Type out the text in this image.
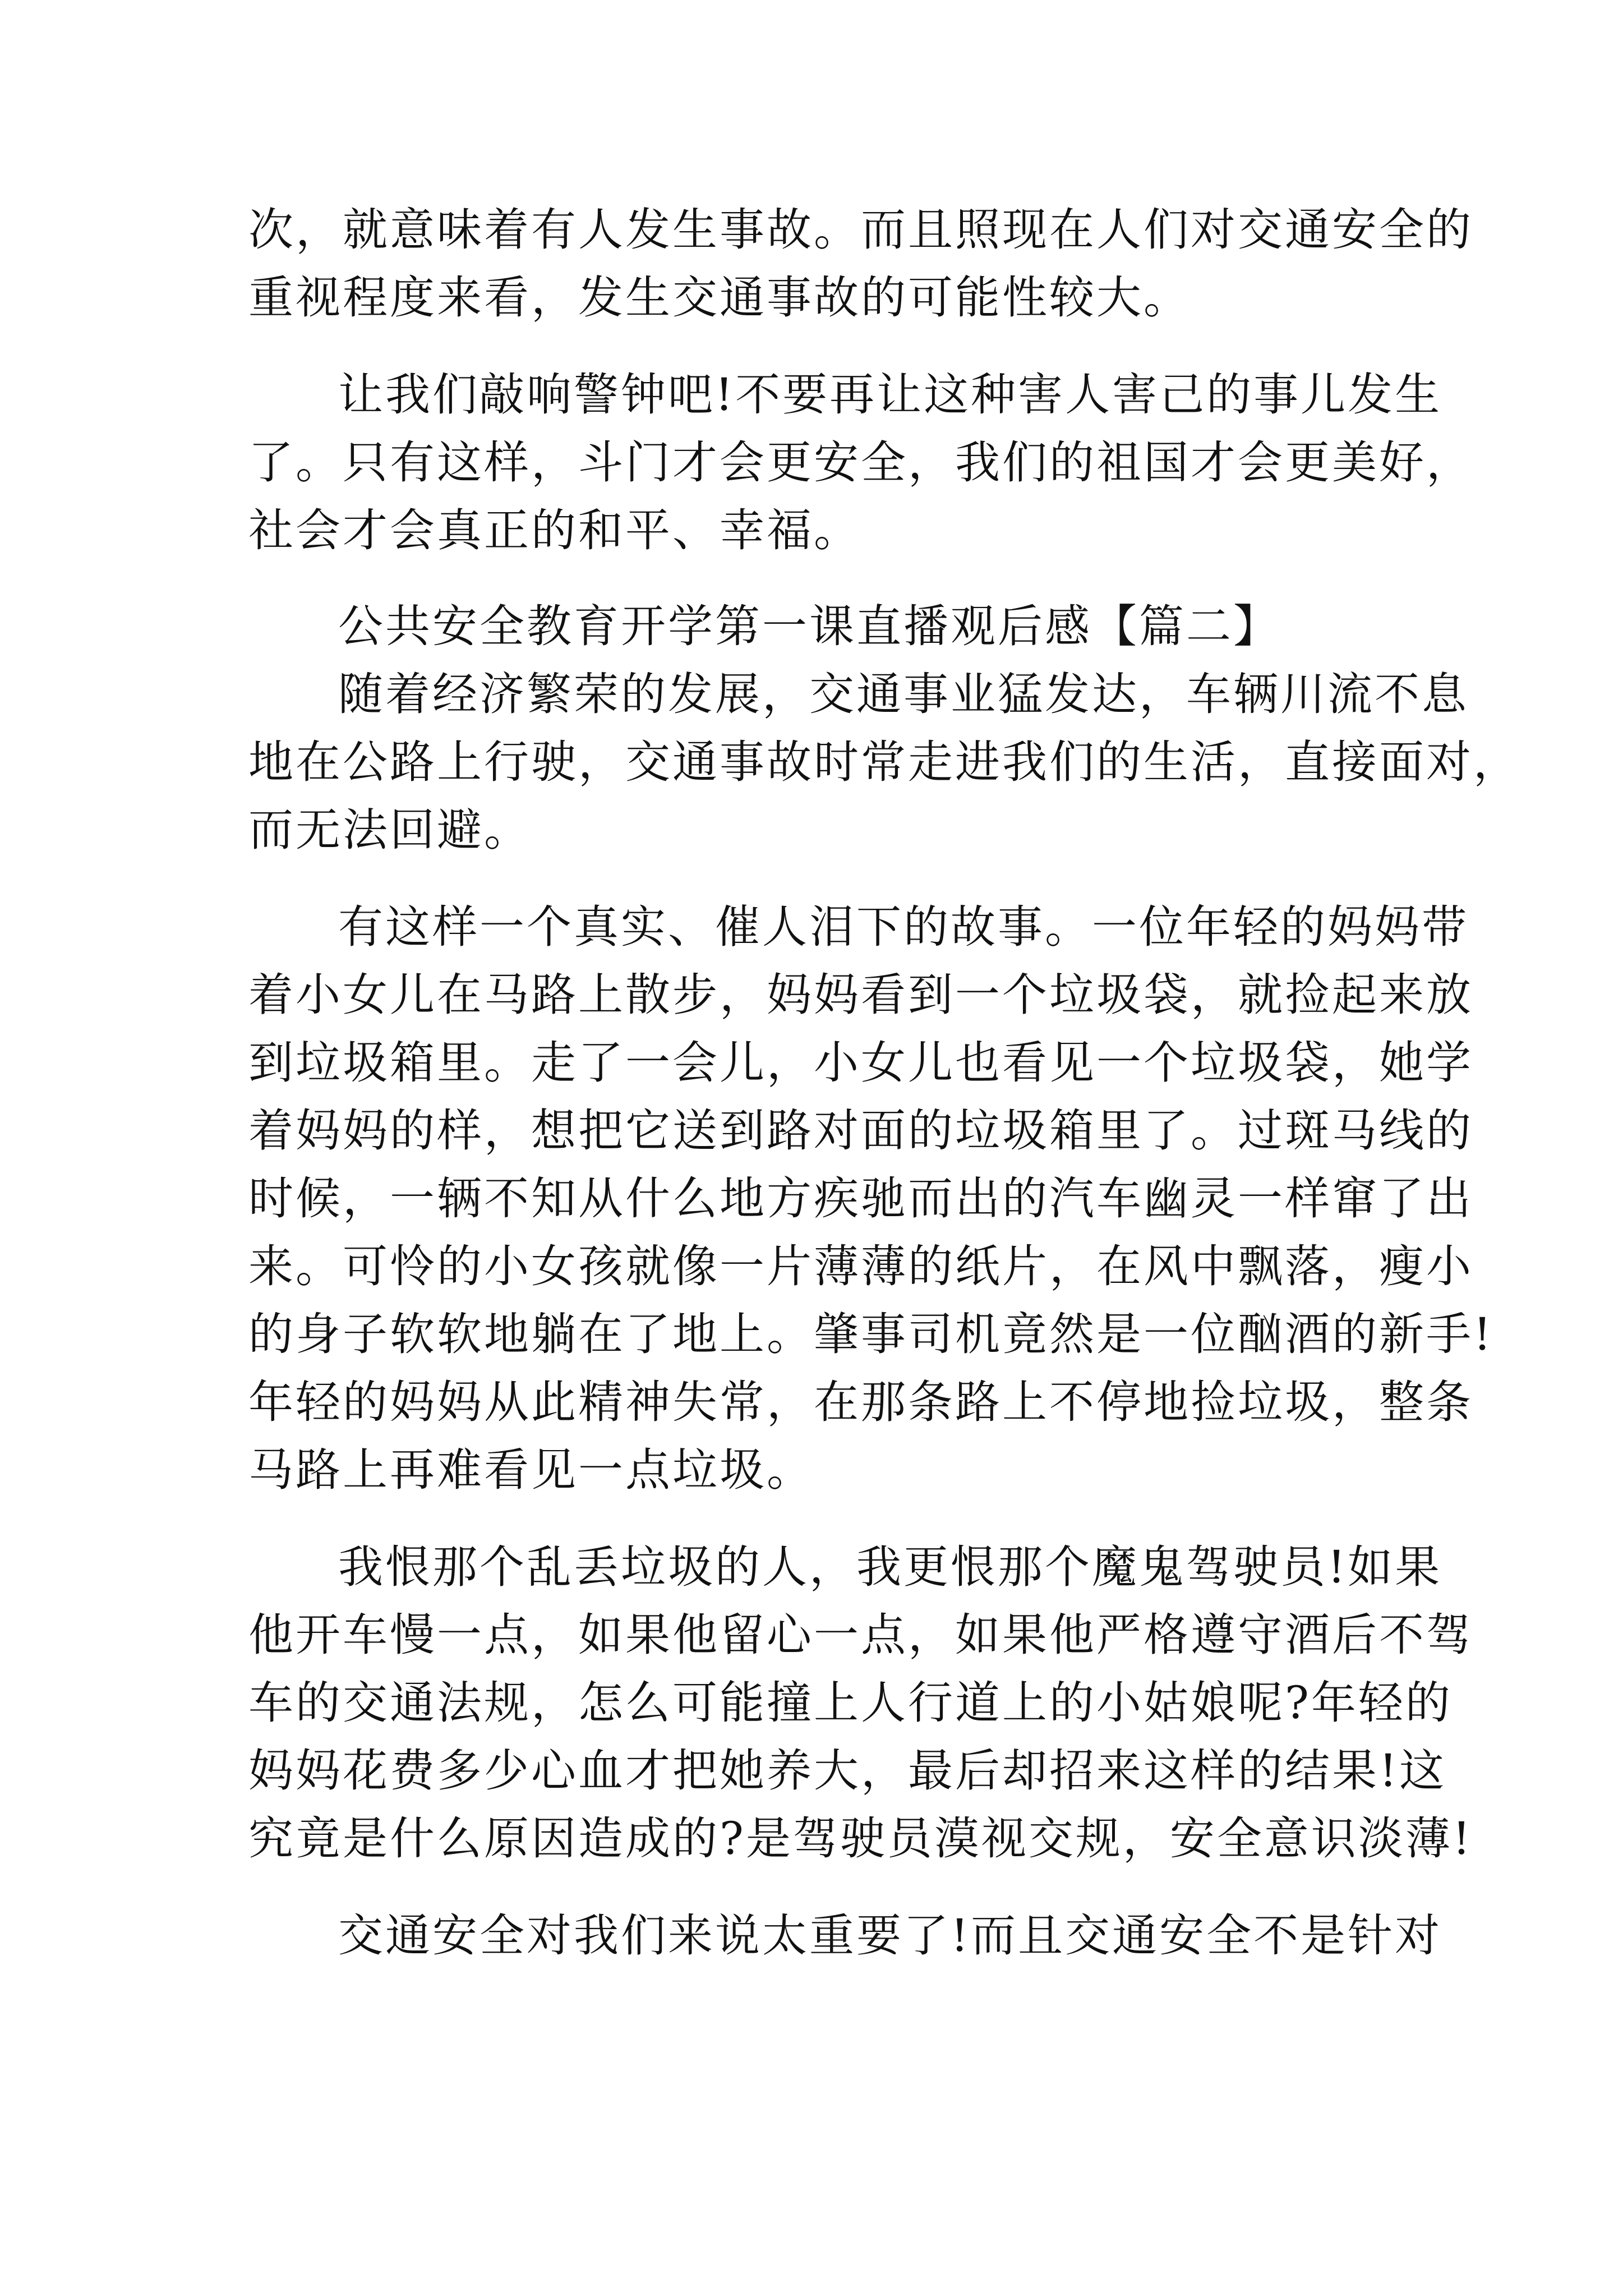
次，就意味着有人发生事故。而且照现在人们对交通安全的

重视程度来看，发生交通事故的可能性较大。

让我们敲响警钟吧!不要再让这种害人害己的事儿发生

了。只有这样，斗门才会更安全，我们的祖国才会更美好，

社会才会真正的和平、幸福。

公共安全教育开学第一课直播观后感【篇二】

随着经济繁荣的发展，交通事业猛发达，车辆川流不息

地在公路上行驶，交通事故时常走进我们的生活，直接面对，

而无法回避。

有这样一个真实、催人泪下的故事。一位年轻的妈妈带

着小女儿在马路上散步，妈妈看到一个垃圾袋，就捡起来放

到垃圾箱里。走了一会儿，小女儿也看见一个垃圾袋，她学

着妈妈的样，想把它送到路对面的垃圾箱里了。过斑马线的

时候，一辆不知从什么地方疾驰而出的汽车幽灵一样窜了出

来。可怜的小女孩就像一片薄薄的纸片，在风中飘落，瘦小

的身子软软地躺在了地上。肇事司机竟然是一位酗酒的新手!

年轻的妈妈从此精神失常，在那条路上不停地捡垃圾，整条

马路上再难看见一点垃圾。

我恨那个乱丢垃圾的人，我更恨那个魔鬼驾驶员!如果

他开车慢一点，如果他留心一点，如果他严格遵守酒后不驾

车的交通法规，怎么可能撞上人行道上的小姑娘呢?年轻的

妈妈花费多少心血才把她养大，最后却招来这样的结果!这

究竟是什么原因造成的?是驾驶员漠视交规，安全意识淡薄!

交通安全对我们来说太重要了!而且交通安全不是针对
